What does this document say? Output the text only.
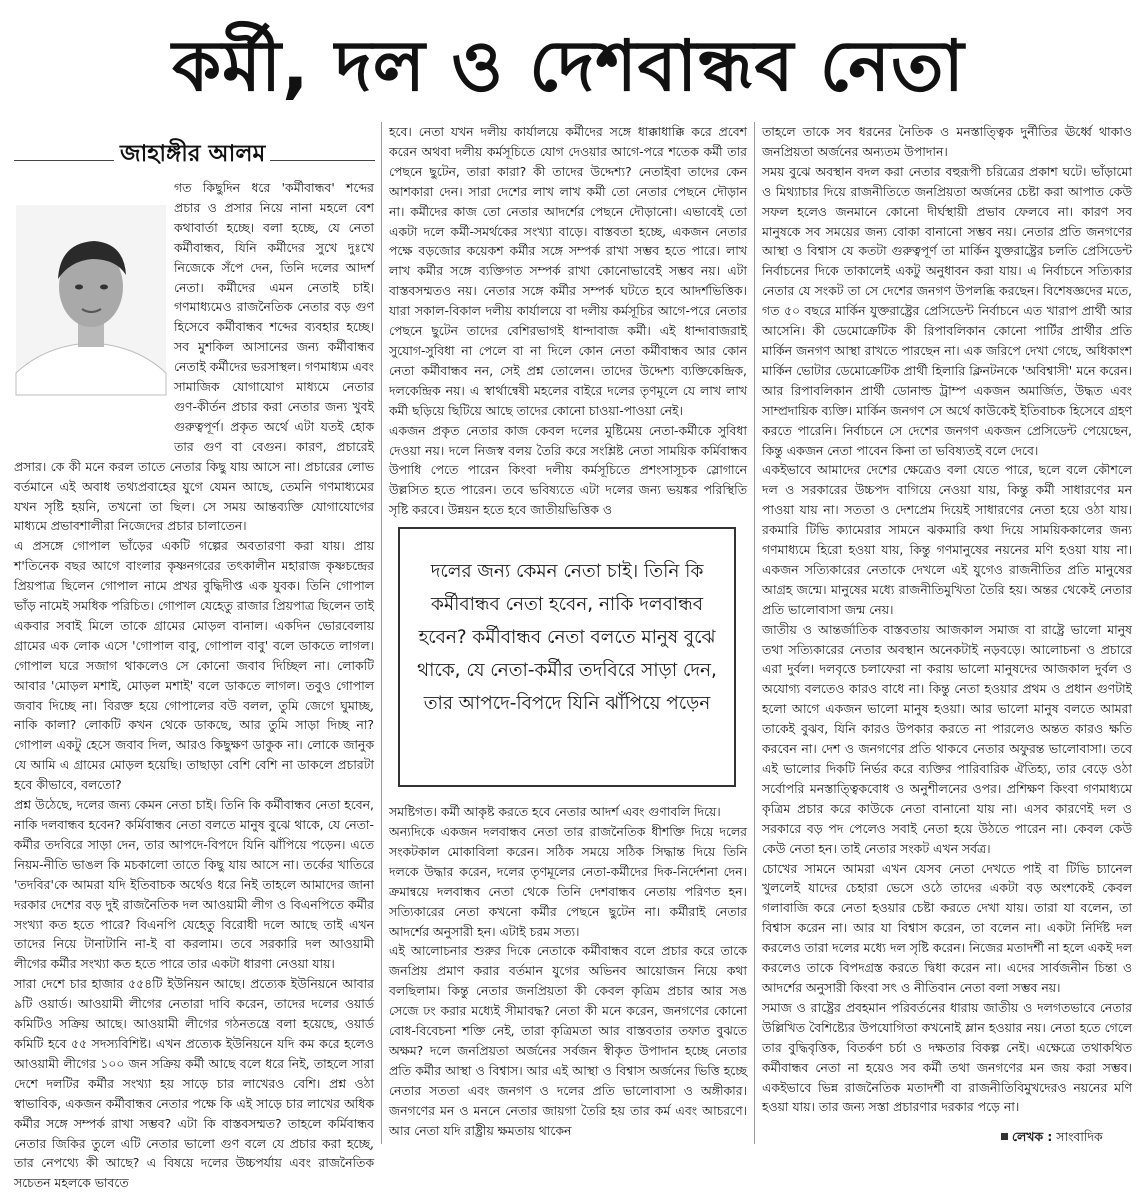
কর্মী, দল ও দেশবান্ধব নেতা
জাহাঙ্গীর আলম

গত কিছুদিন ধরে 'কর্মীবান্ধব' শব্দের প্রচার ও প্রসার নিয়ে নানা মহলে বেশ কথাবার্তা হচ্ছে। বলা হচ্ছে, যে নেতা কর্মীবান্ধব, যিনি কর্মীদের সুখে দুঃখে নিজেকে সঁপে দেন, তিনি দলের আদর্শ নেতা। কর্মীদের এমন নেতাই চাই। গণমাধ্যমেও রাজনৈতিক নেতার বড় গুণ হিসেবে কর্মীবান্ধব শব্দের ব্যবহার হচ্ছে। সব মুশকিল আসানের জন্য কর্মীবান্ধব নেতাই কর্মীদের ভরসাস্থল। গণমাধ্যম এবং সামাজিক যোগাযোগ মাধ্যমে নেতার গুণ-কীর্তন প্রচার করা নেতার জন্য খুবই গুরুত্বপূর্ণ। প্রকৃত অর্থে এটা যতই হোক তার গুণ বা বেগুন। কারণ, প্রচারেই প্রসার। কে কী মনে করল তাতে নেতার কিছু যায় আসে না। প্রচারের লোভ বর্তমানে এই অবাধ তথ্যপ্রবাহের যুগে যেমন আছে, তেমনি গণমাধ্যমের যখন সৃষ্টি হয়নি, তখনো তা ছিল। সে সময় আন্তব্যক্তি যোগাযোগের মাধ্যমে প্রভাবশালীরা নিজেদের প্রচার চালাতেন।

এ প্রসঙ্গে গোপাল ভাঁড়ের একটি গল্পের অবতারণা করা যায়। প্রায় শ'তিনেক বছর আগে বাংলার কৃষ্ণনগরের তৎকালীন মহারাজ কৃষ্ণচন্দ্রের প্রিয়পাত্র ছিলেন গোপাল নামে প্রখর বুদ্ধিদীপ্ত এক যুবক। তিনি গোপাল ভাঁড় নামেই সমধিক পরিচিত। গোপাল যেহেতু রাজার প্রিয়পাত্র ছিলেন তাই একবার সবাই মিলে তাকে গ্রামের মোড়ল বানাল। একদিন ভোরবেলায় গ্রামের এক লোক এসে 'গোপাল বাবু, গোপাল বাবু' বলে ডাকতে লাগল। গোপাল ঘরে সজাগ থাকলেও সে কোনো জবাব দিচ্ছিল না। লোকটি আবার 'মোড়ল মশাই, মোড়ল মশাই' বলে ডাকতে লাগল। তবুও গোপাল জবাব দিচ্ছে না। বিরক্ত হয়ে গোপালের বউ বলল, তুমি জেগে ঘুমাচ্ছ, নাকি কালা? লোকটি কখন থেকে ডাকছে, আর তুমি সাড়া দিচ্ছ না? গোপাল একটু হেসে জবাব দিল, আরও কিছুক্ষণ ডাকুক না। লোকে জানুক যে আমি এ গ্রামের মোড়ল হয়েছি। তাছাড়া বেশি বেশি না ডাকলে প্রচারটা হবে কীভাবে, বলতো?

প্রশ্ন উঠেছে, দলের জন্য কেমন নেতা চাই। তিনি কি কর্মীবান্ধব নেতা হবেন, নাকি দলবান্ধব হবেন? কর্মিবান্ধব নেতা বলতে মানুষ বুঝে থাকে, যে নেতা-কর্মীর তদবিরে সাড়া দেন, তার আপদে-বিপদে যিনি ঝাঁপিয়ে পড়েন। এতে নিয়ম-নীতি ভাঙল কি মচকালো তাতে কিছু যায় আসে না। তর্কের খাতিরে 'তদবির'কে আমরা যদি ইতিবাচক অর্থেও ধরে নিই তাহলে আমাদের জানা দরকার দেশের বড় দুই রাজনৈতিক দল আওয়ামী লীগ ও বিএনপিতে কর্মীর সংখ্যা কত হতে পারে? বিএনপি যেহেতু বিরোধী দলে আছে তাই এখন তাদের নিয়ে টানাটানি না-ই বা করলাম। তবে সরকারি দল আওয়ামী লীগের কর্মীর সংখ্যা কত হতে পারে তার একটা ধারণা নেওয়া যায়।

সারা দেশে চার হাজার ৫৫৪টি ইউনিয়ন আছে। প্রত্যেক ইউনিয়নে আবার ৯টি ওয়ার্ড। আওয়ামী লীগের নেতারা দাবি করেন, তাদের দলের ওয়ার্ড কমিটিও সক্রিয় আছে। আওয়ামী লীগের গঠনতন্ত্রে বলা হয়েছে, ওয়ার্ড কমিটি হবে ৫৫ সদস্যবিশিষ্ট। এখন প্রত্যেক ইউনিয়নে যদি কম করে হলেও আওয়ামী লীগের ১০০ জন সক্রিয় কর্মী আছে বলে ধরে নিই, তাহলে সারা দেশে দলটির কর্মীর সংখ্যা হয় সাড়ে চার লাখেরও বেশি। প্রশ্ন ওঠা স্বাভাবিক, একজন কর্মীবান্ধব নেতার পক্ষে কি এই সাড়ে চার লাখের অধিক কর্মীর সঙ্গে সম্পর্ক রাখা সম্ভব? এটা কি বাস্তবসম্মত? তাহলে কর্মিবান্ধব নেতার জিকির তুলে এটি নেতার ভালো গুণ বলে যে প্রচার করা হচ্ছে, তার নেপথ্যে কী আছে? এ বিষয়ে দলের উচ্চপর্যায় এবং রাজনৈতিক সচেতন মহলকে ভাবতে

হবে। নেতা যখন দলীয় কার্যালয়ে কর্মীদের সঙ্গে ধাক্কাধাক্কি করে প্রবেশ করেন অথবা দলীয় কর্মসূচিতে যোগ দেওয়ার আগে-পরে শতেক কর্মী তার পেছনে ছুটেন, তারা কারা? কী তাদের উদ্দেশ্য? নেতাইবা তাদের কেন আশকারা দেন। সারা দেশের লাখ লাখ কর্মী তো নেতার পেছনে দৌড়ান না। কর্মীদের কাজ তো নেতার আদর্শের পেছনে দৌড়ানো। এভাবেই তো একটা দলে কর্মী-সমর্থকের সংখ্যা বাড়ে। বাস্তবতা হচ্ছে, একজন নেতার পক্ষে বড়জোর কয়েকশ কর্মীর সঙ্গে সম্পর্ক রাখা সম্ভব হতে পারে। লাখ লাখ কর্মীর সঙ্গে ব্যক্তিগত সম্পর্ক রাখা কোনোভাবেই সম্ভব নয়। এটা বাস্তবসম্মতও নয়। নেতার সঙ্গে কর্মীর সম্পর্ক ঘটতে হবে আদর্শভিত্তিক। যারা সকাল-বিকাল দলীয় কার্যালয়ে বা দলীয় কর্মসূচির আগে-পরে নেতার পেছনে ছুটেন তাদের বেশিরভাগই ধান্দাবাজ কর্মী। এই ধান্দাবাজরাই সুযোগ-সুবিধা না পেলে বা না দিলে কোন নেতা কর্মীবান্ধব আর কোন নেতা কর্মীবান্ধব নন, সেই প্রশ্ন তোলেন। তাদের উদ্দেশ্য ব্যক্তিকেন্দ্রিক, দলকেন্দ্রিক নয়। এ স্বার্থান্বেষী মহলের বাইরে দলের তৃণমূলে যে লাখ লাখ কর্মী ছড়িয়ে ছিটিয়ে আছে তাদের কোনো চাওয়া-পাওয়া নেই।

একজন প্রকৃত নেতার কাজ কেবল দলের মুষ্টিমেয় নেতা-কর্মীকে সুবিধা দেওয়া নয়। দলে নিজস্ব বলয় তৈরি করে সংশ্লিষ্ট নেতা সাময়িক কর্মিবান্ধব উপাধি পেতে পারেন কিংবা দলীয় কর্মসূচিতে প্রশংসাসূচক স্লোগানে উল্লসিত হতে পারেন। তবে ভবিষ্যতে এটা দলের জন্য ভয়ঙ্কর পরিস্থিতি সৃষ্টি করবে। উন্নয়ন হতে হবে জাতীয়ভিত্তিক ও

সমষ্টিগত। কর্মী আকৃষ্ট করতে হবে নেতার আদর্শ এবং গুণাবলি দিয়ে।

অন্যদিকে একজন দলবান্ধব নেতা তার রাজনৈতিক ধীশক্তি দিয়ে দলের সংকটকাল মোকাবিলা করেন। সঠিক সময়ে সঠিক সিদ্ধান্ত দিয়ে তিনি দলকে উদ্ধার করেন, দলের তৃণমূলের নেতা-কর্মীদের দিক-নির্দেশনা দেন। ক্রমান্বয়ে দলবান্ধব নেতা থেকে তিনি দেশবান্ধব নেতায় পরিণত হন। সত্যিকারের নেতা কখনো কর্মীর পেছনে ছুটেন না। কর্মীরাই নেতার আদর্শের অনুসারী হন। এটাই চরম সত্য।

এই আলোচনার শুরুর দিকে নেতাকে কর্মীবান্ধব বলে প্রচার করে তাকে জনপ্রিয় প্রমাণ করার বর্তমান যুগের অভিনব আয়োজন নিয়ে কথা বলছিলাম। কিন্তু নেতার জনপ্রিয়তা কী কেবল কৃত্রিম প্রচার আর সঙ সেজে ঢং করার মধ্যেই সীমাবদ্ধ? নেতা কী মনে করেন, জনগণের কোনো বোধ-বিবেচনা শক্তি নেই, তারা কৃত্রিমতা আর বাস্তবতার তফাত বুঝতে অক্ষম? দলে জনপ্রিয়তা অর্জনের সর্বজন স্বীকৃত উপাদান হচ্ছে নেতার প্রতি কর্মীর আস্থা ও বিশ্বাস। আর এই আস্থা ও বিশ্বাস অর্জনের ভিত্তি হচ্ছে নেতার সততা এবং জনগণ ও দলের প্রতি ভালোবাসা ও অঙ্গীকার। জনগণের মন ও মননে নেতার জায়গা তৈরি হয় তার কর্ম এবং আচরণে। আর নেতা যদি রাষ্ট্রীয় ক্ষমতায় থাকেন

দলের জন্য কেমন নেতা চাই। তিনি কি কর্মীবান্ধব নেতা হবেন, নাকি দলবান্ধব হবেন? কর্মীবান্ধব নেতা বলতে মানুষ বুঝে থাকে, যে নেতা-কর্মীর তদবিরে সাড়া দেন, তার আপদে-বিপদে যিনি ঝাঁপিয়ে পড়েন

তাহলে তাকে সব ধরনের নৈতিক ও মনস্তাত্ত্বিক দুর্নীতির ঊর্ধ্বে থাকাও জনপ্রিয়তা অর্জনের অন্যতম উপাদান।

সময় বুঝে অবস্থান বদল করা নেতার বহুরূপী চরিত্রের প্রকাশ ঘটে। ভাঁড়ামো ও মিথ্যাচার দিয়ে রাজনীতিতে জনপ্রিয়তা অর্জনের চেষ্টা করা আপাত কেউ সফল হলেও জনমানে কোনো দীর্ঘস্থায়ী প্রভাব ফেলবে না। কারণ সব মানুষকে সব সময়ের জন্য বোকা বানানো সম্ভব নয়। নেতার প্রতি জনগণের আস্থা ও বিশ্বাস যে কতটা গুরুত্বপূর্ণ তা মার্কিন যুক্তরাষ্ট্রের চলতি প্রেসিডেন্ট নির্বাচনের দিকে তাকালেই একটু অনুধাবন করা যায়। এ নির্বাচনে সত্যিকার নেতার যে সংকট তা সে দেশের জনগণ উপলব্ধি করছেন। বিশেষজ্ঞদের মতে, গত ৫০ বছরে মার্কিন যুক্তরাষ্ট্রের প্রেসিডেন্ট নির্বাচনে এত খারাপ প্রার্থী আর আসেনি। কী ডেমোক্রেটিক কী রিপাবলিকান কোনো পার্টির প্রার্থীর প্রতি মার্কিন জনগণ আস্থা রাখতে পারছেন না। এক জরিপে দেখা গেছে, অধিকাংশ মার্কিন ভোটার ডেমোক্রেটিক প্রার্থী হিলারি ক্লিনটনকে 'অবিশ্বাসী' মনে করেন। আর রিপাবলিকান প্রার্থী ডোনাল্ড ট্রাম্প একজন অমার্জিত, উদ্ধত এবং সাম্প্রদায়িক ব্যক্তি। মার্কিন জনগণ সে অর্থে কাউকেই ইতিবাচক হিসেবে গ্রহণ করতে পারেনি। নির্বাচনে সে দেশের জনগণ একজন প্রেসিডেন্ট পেয়েছেন, কিন্তু একজন নেতা পাবেন কিনা তা ভবিষ্যতই বলে দেবে।

একইভাবে আমাদের দেশের ক্ষেত্রেও বলা যেতে পারে, ছলে বলে কৌশলে দল ও সরকারের উচ্চপদ বাগিয়ে নেওয়া যায়, কিন্তু কর্মী সাধারণের মন পাওয়া যায় না। সততা ও দেশপ্রেম দিয়েই সাধারণের নেতা হয়ে ওঠা যায়। রকমারি টিভি ক্যামেরার সামনে ঝকমারি কথা দিয়ে সাময়িককালের জন্য গণমাধ্যমে হিরো হওয়া যায়, কিন্তু গণমানুষের নয়নের মণি হওয়া যায় না। একজন সত্যিকারের নেতাকে দেখলে এই যুগেও রাজনীতির প্রতি মানুষের আগ্রহ জন্মে। মানুষের মধ্যে রাজনীতিমুখিতা তৈরি হয়। অন্তর থেকেই নেতার প্রতি ভালোবাসা জন্ম নেয়।

জাতীয় ও আন্তর্জাতিক বাস্তবতায় আজকাল সমাজ বা রাষ্ট্রে ভালো মানুষ তথা সত্যিকারের নেতার অবস্থান অনেকটাই নড়বড়ে। আলোচনা ও প্রচারে এরা দুর্বল। দলবৃত্তে চলাফেরা না করায় ভালো মানুষদের আজকাল দুর্বল ও অযোগ্য বলতেও কারও বাধে না। কিন্তু নেতা হওয়ার প্রথম ও প্রধান গুণটাই হলো আগে একজন ভালো মানুষ হওয়া। আর ভালো মানুষ বলতে আমরা তাকেই বুঝব, যিনি কারও উপকার করতে না পারলেও অন্তত কারও ক্ষতি করবেন না। দেশ ও জনগণের প্রতি থাকবে নেতার অফুরন্ত ভালোবাসা। তবে এই ভালোর দিকটি নির্ভর করে ব্যক্তির পারিবারিক ঐতিহ্য, তার বেড়ে ওঠা সর্বোপরি মনস্তাত্ত্বিকবোধ ও অনুশীলনের ওপর। প্রশিক্ষণ কিংবা গণমাধ্যমে কৃত্রিম প্রচার করে কাউকে নেতা বানানো যায় না। এসব কারণেই দল ও সরকারে বড় পদ পেলেও সবাই নেতা হয়ে উঠতে পারেন না। কেবল কেউ কেউ নেতা হন। তাই নেতার সংকট এখন সর্বত্র।

চোখের সামনে আমরা এখন যেসব নেতা দেখতে পাই বা টিভি চ্যানেল খুললেই যাদের চেহারা ভেসে ওঠে তাদের একটা বড় অংশকেই কেবল গলাবাজি করে নেতা হওয়ার চেষ্টা করতে দেখা যায়। তারা যা বলেন, তা বিশ্বাস করেন না। আর যা বিশ্বাস করেন, তা বলেন না। একটা নির্দিষ্ট দল করলেও তারা দলের মধ্যে দল সৃষ্টি করেন। নিজের মতাদর্শী না হলে একই দল করলেও তাকে বিপদগ্রস্ত করতে দ্বিধা করেন না। এদের সার্বজনীন চিন্তা ও আদর্শের অনুসারী কিংবা সৎ ও নীতিবান নেতা বলা সম্ভব নয়।

সমাজ ও রাষ্ট্রের প্রবহমান পরিবর্তনের ধারায় জাতীয় ও দলগতভাবে নেতার উল্লিখিত বৈশিষ্ট্যের উপযোগিতা কখনোই ম্লান হওয়ার নয়। নেতা হতে গেলে তার বুদ্ধিবৃত্তিক, বিতর্কণ চর্চা ও দক্ষতার বিকল্প নেই। এক্ষেত্রে তথাকথিত কর্মীবান্ধব নেতা না হয়েও সব কর্মী তথা জনগণের মন জয় করা সম্ভব। একইভাবে ভিন্ন রাজনৈতিক মতাদর্শী বা রাজনীতিবিমুখদেরও নয়নের মণি হওয়া যায়। তার জন্য সস্তা প্রচারণার দরকার পড়ে না।

লেখক : সাংবাদিক
